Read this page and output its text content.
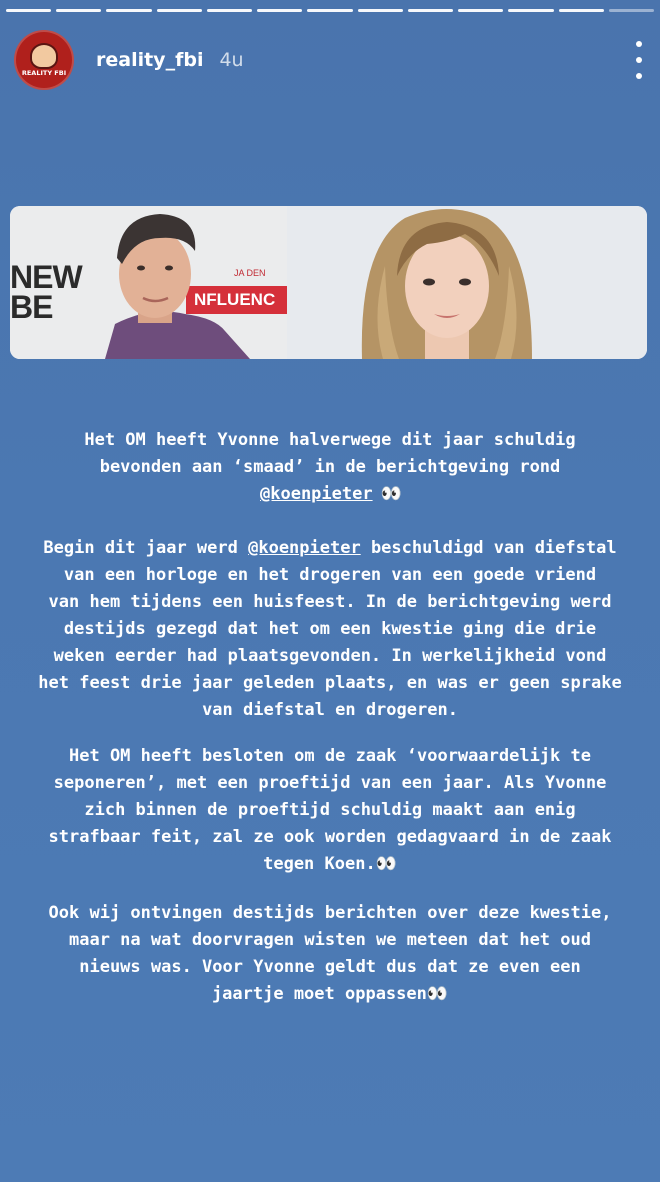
REALITY FBI
reality_fbi 4u
NEW
BE
JA DEN
NFLUENC
Het OM heeft Yvonne halverwege dit jaar schuldig
bevonden aan ‘smaad’ in de berichtgeving rond
@koenpieter 👀
Begin dit jaar werd @koenpieter beschuldigd van diefstal
van een horloge en het drogeren van een goede vriend
van hem tijdens een huisfeest. In de berichtgeving werd
destijds gezegd dat het om een kwestie ging die drie
weken eerder had plaatsgevonden. In werkelijkheid vond
het feest drie jaar geleden plaats, en was er geen sprake
van diefstal en drogeren.
Het OM heeft besloten om de zaak ‘voorwaardelijk te
seponeren’, met een proeftijd van een jaar. Als Yvonne
zich binnen de proeftijd schuldig maakt aan enig
strafbaar feit, zal ze ook worden gedagvaard in de zaak
tegen Koen.👀
Ook wij ontvingen destijds berichten over deze kwestie,
maar na wat doorvragen wisten we meteen dat het oud
nieuws was. Voor Yvonne geldt dus dat ze even een
jaartje moet oppassen👀
